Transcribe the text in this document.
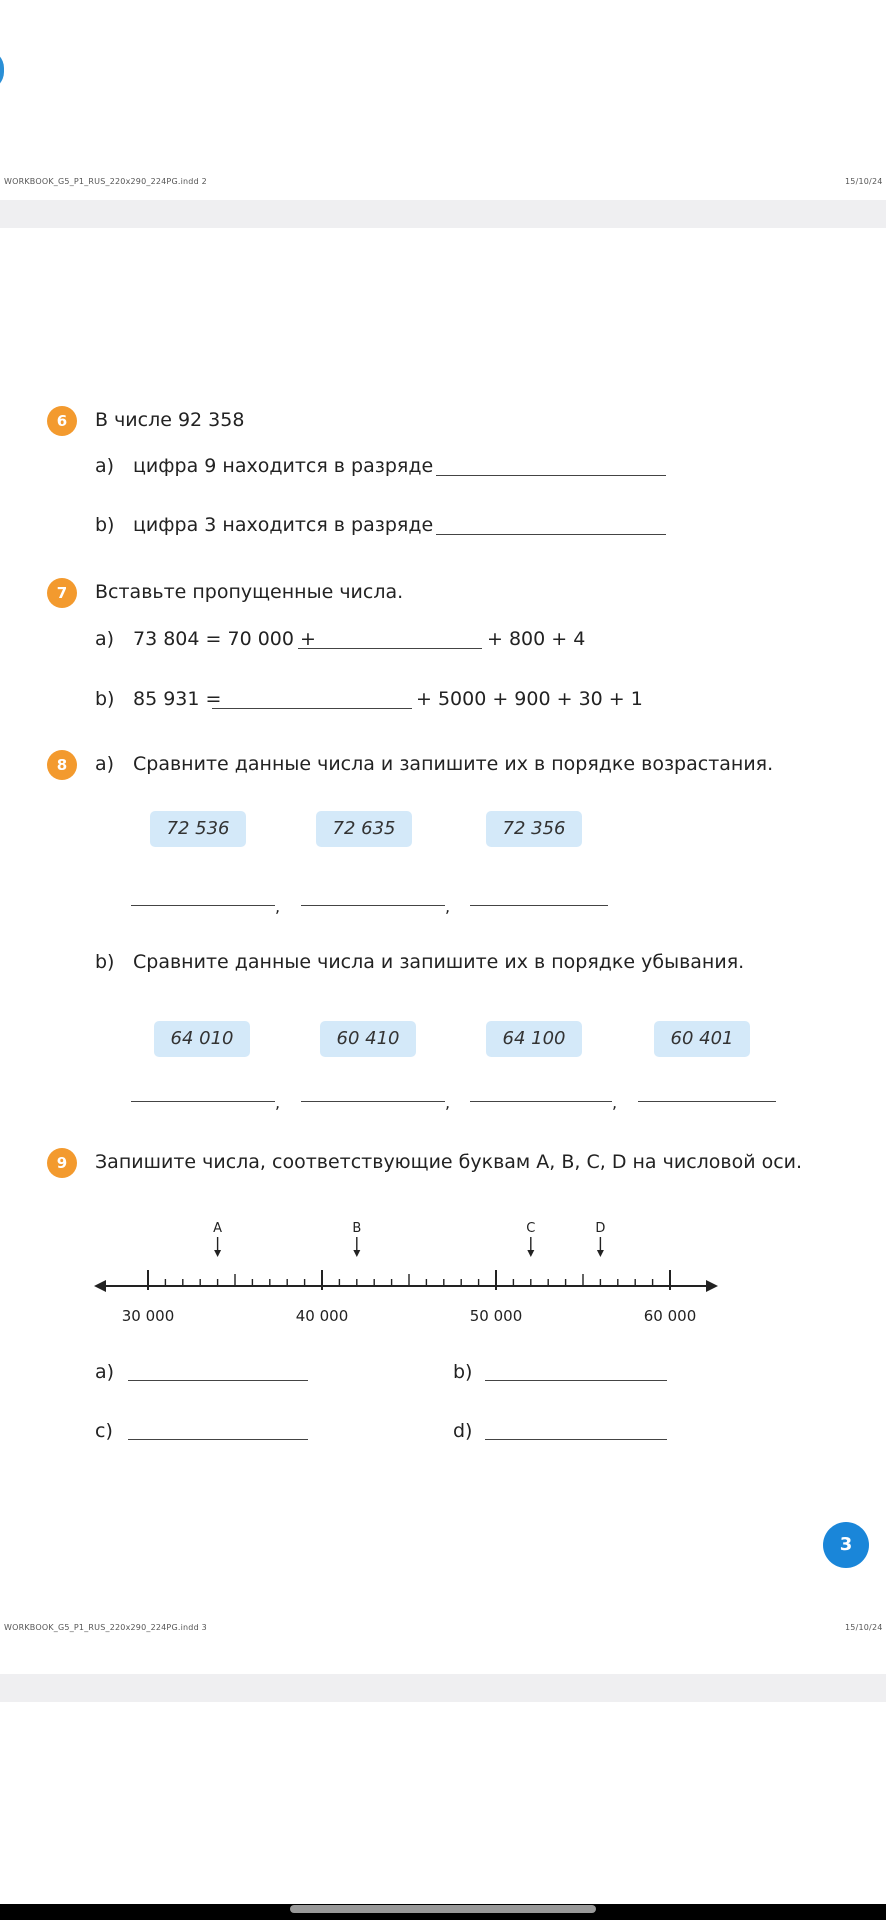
WORKBOOK_G5_P1_RUS_220x290_224PG.indd 2	15/10/24
6	В числе 92 358
a) цифра 9 находится в разряде
b) цифра 3 находится в разряде
7	Вставьте пропущенные числа.
a) 73 804 = 70 000 +	+ 800 + 4
b) 85 931 =	+ 5000 + 900 + 30 + 1
8	a) Сравните данные числа и запишите их в порядке возрастания.
72 536	72 635	72 356
,	,
b) Сравните данные числа и запишите их в порядке убывания.
64 010	60 410	64 100	60 401
,	,	,
9	Запишите числа, соответствующие буквам A, B, C, D на числовой оси.
A	B	C	D
30 000	40 000	50 000	60 000
a)	b)
c)	d)
3
WORKBOOK_G5_P1_RUS_220x290_224PG.indd 3	15/10/24
